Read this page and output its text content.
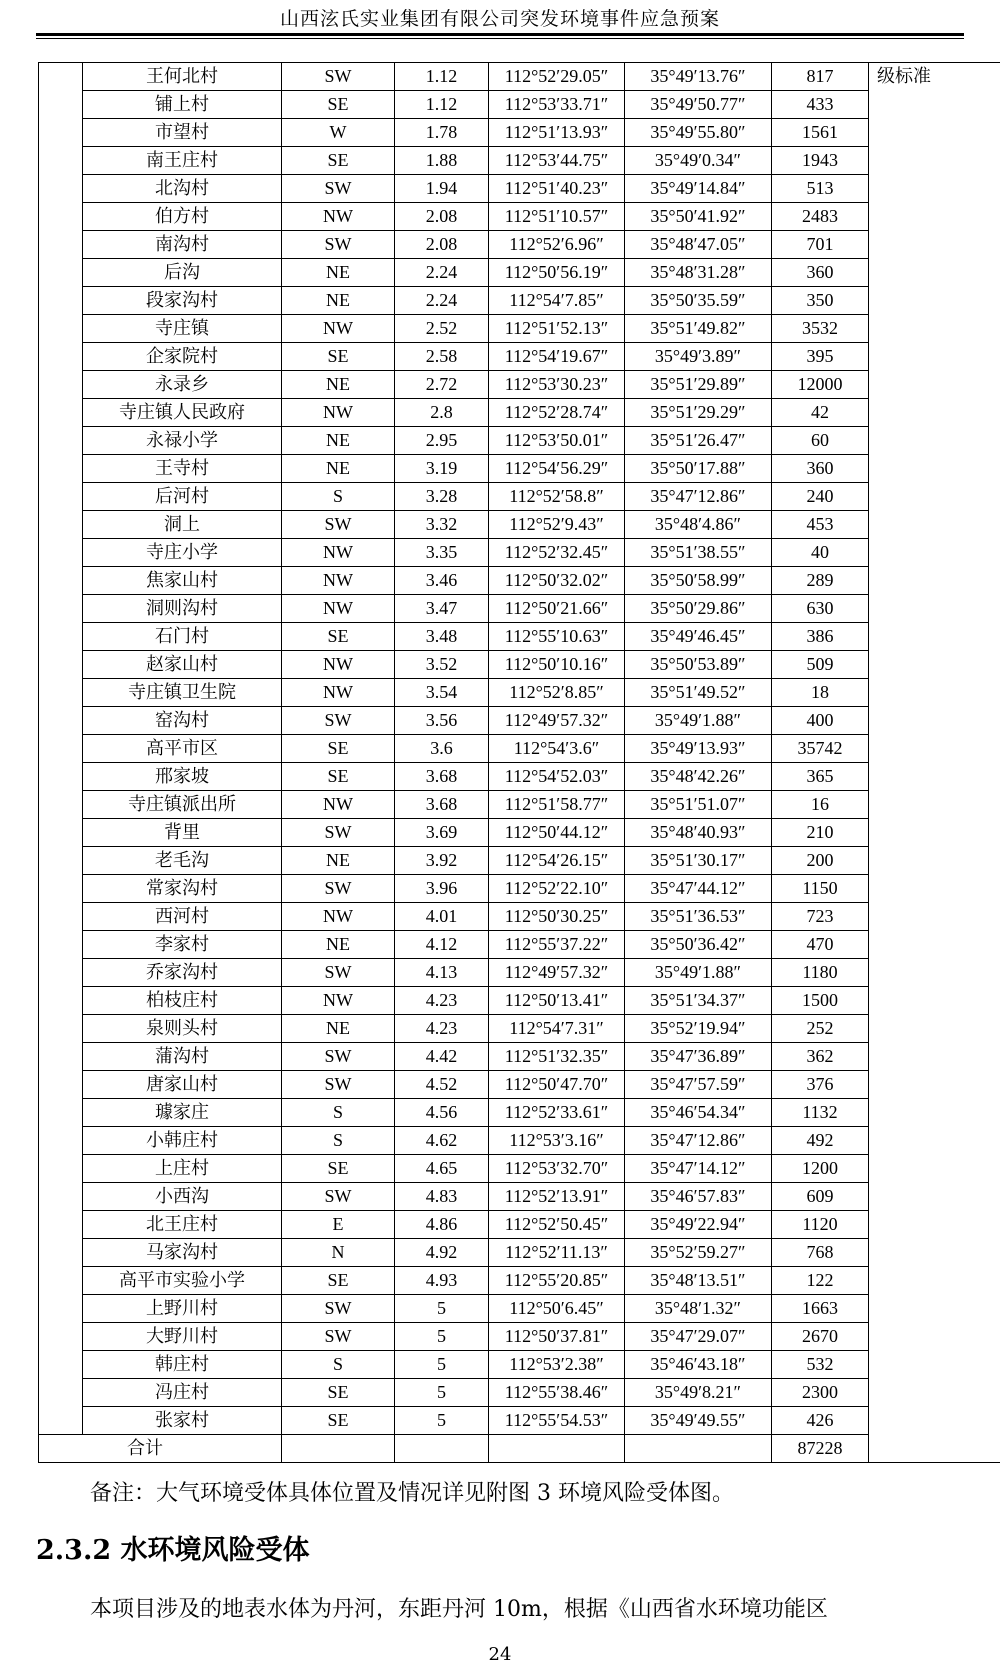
山西泫氏实业集团有限公司突发环境事件应急预案
	王何北村	SW	1.12	112°52′29.05″	35°49′13.76″	817	级标准
	铺上村	SE	1.12	112°53′33.71″	35°49′50.77″	433	
	市望村	W	1.78	112°51′13.93″	35°49′55.80″	1561	
	南王庄村	SE	1.88	112°53′44.75″	35°49′0.34″	1943	
	北沟村	SW	1.94	112°51′40.23″	35°49′14.84″	513	
	伯方村	NW	2.08	112°51′10.57″	35°50′41.92″	2483	
	南沟村	SW	2.08	112°52′6.96″	35°48′47.05″	701	
	后沟	NE	2.24	112°50′56.19″	35°48′31.28″	360	
	段家沟村	NE	2.24	112°54′7.85″	35°50′35.59″	350	
	寺庄镇	NW	2.52	112°51′52.13″	35°51′49.82″	3532	
	企家院村	SE	2.58	112°54′19.67″	35°49′3.89″	395	
	永录乡	NE	2.72	112°53′30.23″	35°51′29.89″	12000	
	寺庄镇人民政府	NW	2.8	112°52′28.74″	35°51′29.29″	42	
	永禄小学	NE	2.95	112°53′50.01″	35°51′26.47″	60	
	王寺村	NE	3.19	112°54′56.29″	35°50′17.88″	360	
	后河村	S	3.28	112°52′58.8″	35°47′12.86″	240	
	洞上	SW	3.32	112°52′9.43″	35°48′4.86″	453	
	寺庄小学	NW	3.35	112°52′32.45″	35°51′38.55″	40	
	焦家山村	NW	3.46	112°50′32.02″	35°50′58.99″	289	
	洞则沟村	NW	3.47	112°50′21.66″	35°50′29.86″	630	
	石门村	SE	3.48	112°55′10.63″	35°49′46.45″	386	
	赵家山村	NW	3.52	112°50′10.16″	35°50′53.89″	509	
	寺庄镇卫生院	NW	3.54	112°52′8.85″	35°51′49.52″	18	
	窑沟村	SW	3.56	112°49′57.32″	35°49′1.88″	400	
	高平市区	SE	3.6	112°54′3.6″	35°49′13.93″	35742	
	邢家坡	SE	3.68	112°54′52.03″	35°48′42.26″	365	
	寺庄镇派出所	NW	3.68	112°51′58.77″	35°51′51.07″	16	
	背里	SW	3.69	112°50′44.12″	35°48′40.93″	210	
	老毛沟	NE	3.92	112°54′26.15″	35°51′30.17″	200	
	常家沟村	SW	3.96	112°52′22.10″	35°47′44.12″	1150	
	西河村	NW	4.01	112°50′30.25″	35°51′36.53″	723	
	李家村	NE	4.12	112°55′37.22″	35°50′36.42″	470	
	乔家沟村	SW	4.13	112°49′57.32″	35°49′1.88″	1180	
	柏枝庄村	NW	4.23	112°50′13.41″	35°51′34.37″	1500	
	泉则头村	NE	4.23	112°54′7.31″	35°52′19.94″	252	
	蒲沟村	SW	4.42	112°51′32.35″	35°47′36.89″	362	
	唐家山村	SW	4.52	112°50′47.70″	35°47′57.59″	376	
	璩家庄	S	4.56	112°52′33.61″	35°46′54.34″	1132	
	小韩庄村	S	4.62	112°53′3.16″	35°47′12.86″	492	
	上庄村	SE	4.65	112°53′32.70″	35°47′14.12″	1200	
	小西沟	SW	4.83	112°52′13.91″	35°46′57.83″	609	
	北王庄村	E	4.86	112°52′50.45″	35°49′22.94″	1120	
	马家沟村	N	4.92	112°52′11.13″	35°52′59.27″	768	
	高平市实验小学	SE	4.93	112°55′20.85″	35°48′13.51″	122	
	上野川村	SW	5	112°50′6.45″	35°48′1.32″	1663	
	大野川村	SW	5	112°50′37.81″	35°47′29.07″	2670	
	韩庄村	S	5	112°53′2.38″	35°46′43.18″	532	
	冯庄村	SE	5	112°55′38.46″	35°49′8.21″	2300	
	张家村	SE	5	112°55′54.53″	35°49′49.55″	426	
合计						87228	
备注：大气环境受体具体位置及情况详见附图 3 环境风险受体图。
2.3.2 水环境风险受体
本项目涉及的地表水体为丹河，东距丹河 10m，根据《山西省水环境功能区
24
